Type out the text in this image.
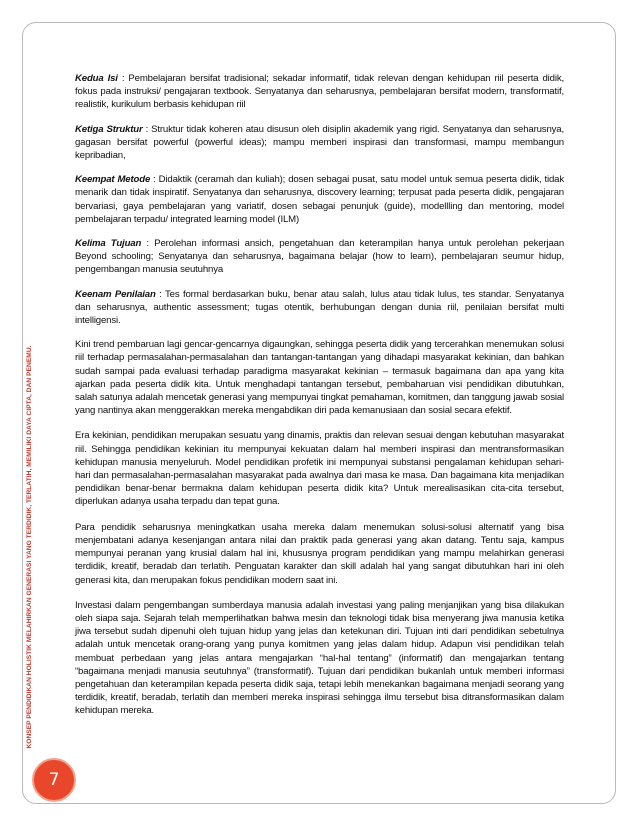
KONSEP PENDIDIKAN HOLISTIK MELAHIRKAN GENERASI YANG TERDIDIK, TERLATIH, MEMILIKI DAYA CIPTA, DAN PENEMU.

Kedua Isi : Pembelajaran bersifat tradisional; sekadar informatif, tidak relevan dengan kehidupan riil peserta didik, fokus pada instruksi/ pengajaran textbook. Senyatanya dan seharusnya, pembelajaran bersifat modern, transformatif, realistik, kurikulum berbasis kehidupan riil

Ketiga Struktur : Struktur tidak koheren atau disusun oleh disiplin akademik yang rigid. Senyatanya dan seharusnya, gagasan bersifat powerful (powerful ideas); mampu memberi inspirasi dan transformasi, mampu membangun kepribadian,

Keempat Metode : Didaktik (ceramah dan kuliah); dosen sebagai pusat, satu model untuk semua peserta didik, tidak menarik dan tidak inspiratif. Senyatanya dan seharusnya, discovery learning; terpusat pada peserta didik, pengajaran bervariasi, gaya pembelajaran yang variatif, dosen sebagai penunjuk (guide), modellling dan mentoring, model pembelajaran terpadu/ integrated learning model (ILM)

Kelima Tujuan : Perolehan informasi ansich, pengetahuan dan keterampilan hanya untuk perolehan pekerjaan Beyond schooling; Senyatanya dan seharusnya, bagaimana belajar (how to learn), pembelajaran seumur hidup, pengembangan manusia seutuhnya

Keenam Penilaian : Tes formal berdasarkan buku, benar atau salah, lulus atau tidak lulus, tes standar. Senyatanya dan seharusnya, authentic assessment; tugas otentik, berhubungan dengan dunia riil, penilaian bersifat multi intelligensi.

Kini trend pembaruan lagi gencar-gencarnya digaungkan, sehingga peserta didik yang tercerahkan menemukan solusi riil terhadap permasalahan-permasalahan dan tantangan-tantangan yang dihadapi masyarakat kekinian, dan bahkan sudah sampai pada evaluasi terhadap paradigma masyarakat kekinian – termasuk bagaimana dan apa yang kita ajarkan pada peserta didik kita. Untuk menghadapi tantangan tersebut, pembaharuan visi pendidikan dibutuhkan, salah satunya adalah mencetak generasi yang mempunyai tingkat pemahaman, komitmen, dan tanggung jawab sosial yang nantinya akan menggerakkan mereka mengabdikan diri pada kemanusiaan dan sosial secara efektif.

Era kekinian, pendidikan merupakan sesuatu yang dinamis, praktis dan relevan sesuai dengan kebutuhan masyarakat riil. Sehingga pendidikan kekinian itu mempunyai kekuatan dalam hal memberi inspirasi dan mentransformasikan kehidupan manusia menyeluruh. Model pendidikan profetik ini mempunyai substansi pengalaman kehidupan sehari-hari dan permasalahan-permasalahan masyarakat pada awalnya dari masa ke masa. Dan bagaimana kita menjadikan pendidikan benar-benar bermakna dalam kehidupan peserta didik kita? Untuk merealisasikan cita-cita tersebut, diperlukan adanya usaha terpadu dan tepat guna.

Para pendidik seharusnya meningkatkan usaha mereka dalam menemukan solusi-solusi alternatif yang bisa menjembatani adanya kesenjangan antara nilai dan praktik pada generasi yang akan datang. Tentu saja, kampus mempunyai peranan yang krusial dalam hal ini, khususnya program pendidikan yang mampu melahirkan generasi terdidik, kreatif, beradab dan terlatih. Penguatan karakter dan skill adalah hal yang sangat dibutuhkan hari ini oleh generasi kita, dan merupakan fokus pendidikan modern saat ini.

Investasi dalam pengembangan sumberdaya manusia adalah investasi yang paling menjanjikan yang bisa dilakukan oleh siapa saja. Sejarah telah memperlihatkan bahwa mesin dan teknologi tidak bisa menyerang jiwa manusia ketika jiwa tersebut sudah dipenuhi oleh tujuan hidup yang jelas dan ketekunan diri. Tujuan inti dari pendidikan sebetulnya adalah untuk mencetak orang-orang yang punya komitmen yang jelas dalam hidup. Adapun visi pendidikan telah membuat perbedaan yang jelas antara mengajarkan “hal-hal tentang” (informatif) dan mengajarkan tentang “bagaimana menjadi manusia seutuhnya” (transformatif). Tujuan dari pendidikan bukanlah untuk memberi informasi pengetahuan dan keterampilan kepada peserta didik saja, tetapi lebih menekankan bagaimana menjadi seorang yang terdidik, kreatif, beradab, terlatih dan memberi mereka inspirasi sehingga ilmu tersebut bisa ditransformasikan dalam kehidupan mereka.

7
